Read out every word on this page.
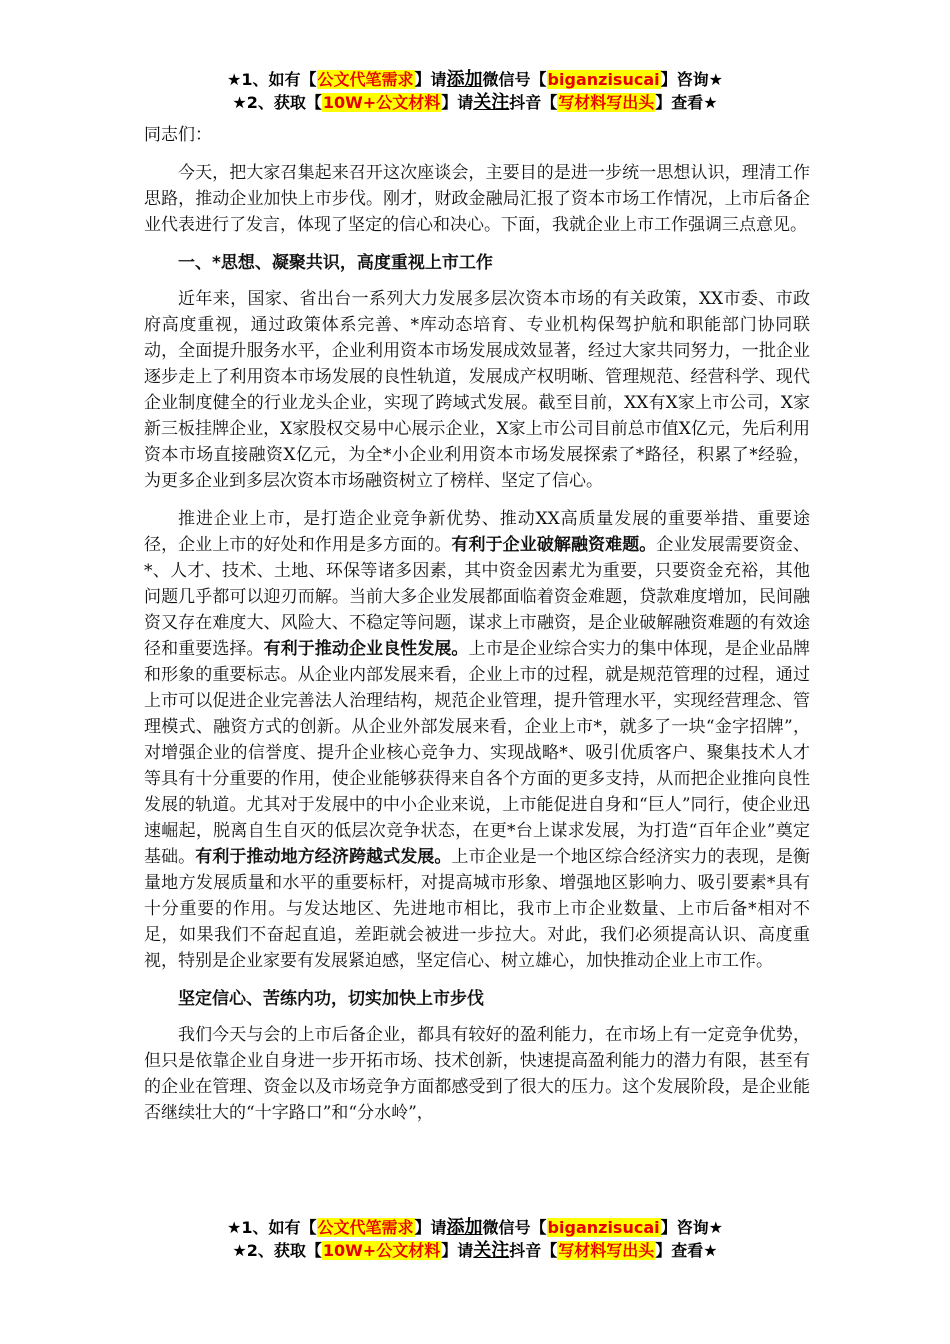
★1、如有【公文代笔需求】请添加微信号【biganzisucai】咨询★
★2、获取【10W+公文材料】请关注抖音【写材料写出头】查看★

同志们：

今天，把大家召集起来召开这次座谈会，主要目的是进一步统一思想认识，理清工作思路，推动企业加快上市步伐。刚才，财政金融局汇报了资本市场工作情况，上市后备企业代表进行了发言，体现了坚定的信心和决心。下面，我就企业上市工作强调三点意见。

一、*思想、凝聚共识，高度重视上市工作

近年来，国家、省出台一系列大力发展多层次资本市场的有关政策，XX市委、市政府高度重视，通过政策体系完善、*库动态培育、专业机构保驾护航和职能部门协同联动，全面提升服务水平，企业利用资本市场发展成效显著，经过大家共同努力，一批企业逐步走上了利用资本市场发展的良性轨道，发展成产权明晰、管理规范、经营科学、现代企业制度健全的行业龙头企业，实现了跨域式发展。截至目前，XX有X家上市公司，X家新三板挂牌企业，X家股权交易中心展示企业，X家上市公司目前总市值X亿元，先后利用资本市场直接融资X亿元，为全*小企业利用资本市场发展探索了*路径，积累了*经验，为更多企业到多层次资本市场融资树立了榜样、坚定了信心。

推进企业上市，是打造企业竞争新优势、推动XX高质量发展的重要举措、重要途径，企业上市的好处和作用是多方面的。有利于企业破解融资难题。企业发展需要资金、*、人才、技术、土地、环保等诸多因素，其中资金因素尤为重要，只要资金充裕，其他问题几乎都可以迎刃而解。当前大多企业发展都面临着资金难题，贷款难度增加，民间融资又存在难度大、风险大、不稳定等问题，谋求上市融资，是企业破解融资难题的有效途径和重要选择。有利于推动企业良性发展。上市是企业综合实力的集中体现，是企业品牌和形象的重要标志。从企业内部发展来看，企业上市的过程，就是规范管理的过程，通过上市可以促进企业完善法人治理结构，规范企业管理，提升管理水平，实现经营理念、管理模式、融资方式的创新。从企业外部发展来看，企业上市*，就多了一块“金字招牌”，对增强企业的信誉度、提升企业核心竞争力、实现战略*、吸引优质客户、聚集技术人才等具有十分重要的作用，使企业能够获得来自各个方面的更多支持，从而把企业推向良性发展的轨道。尤其对于发展中的中小企业来说，上市能促进自身和“巨人”同行，使企业迅速崛起，脱离自生自灭的低层次竞争状态，在更*台上谋求发展，为打造“百年企业”奠定基础。有利于推动地方经济跨越式发展。上市企业是一个地区综合经济实力的表现，是衡量地方发展质量和水平的重要标杆，对提高城市形象、增强地区影响力、吸引要素*具有十分重要的作用。与发达地区、先进地市相比，我市上市企业数量、上市后备*相对不足，如果我们不奋起直追，差距就会被进一步拉大。对此，我们必须提高认识、高度重视，特别是企业家要有发展紧迫感，坚定信心、树立雄心，加快推动企业上市工作。

坚定信心、苦练内功，切实加快上市步伐

我们今天与会的上市后备企业，都具有较好的盈利能力，在市场上有一定竞争优势，但只是依靠企业自身进一步开拓市场、技术创新，快速提高盈利能力的潜力有限，甚至有的企业在管理、资金以及市场竞争方面都感受到了很大的压力。这个发展阶段，是企业能否继续壮大的“十字路口”和“分水岭”，

★1、如有【公文代笔需求】请添加微信号【biganzisucai】咨询★
★2、获取【10W+公文材料】请关注抖音【写材料写出头】查看★
